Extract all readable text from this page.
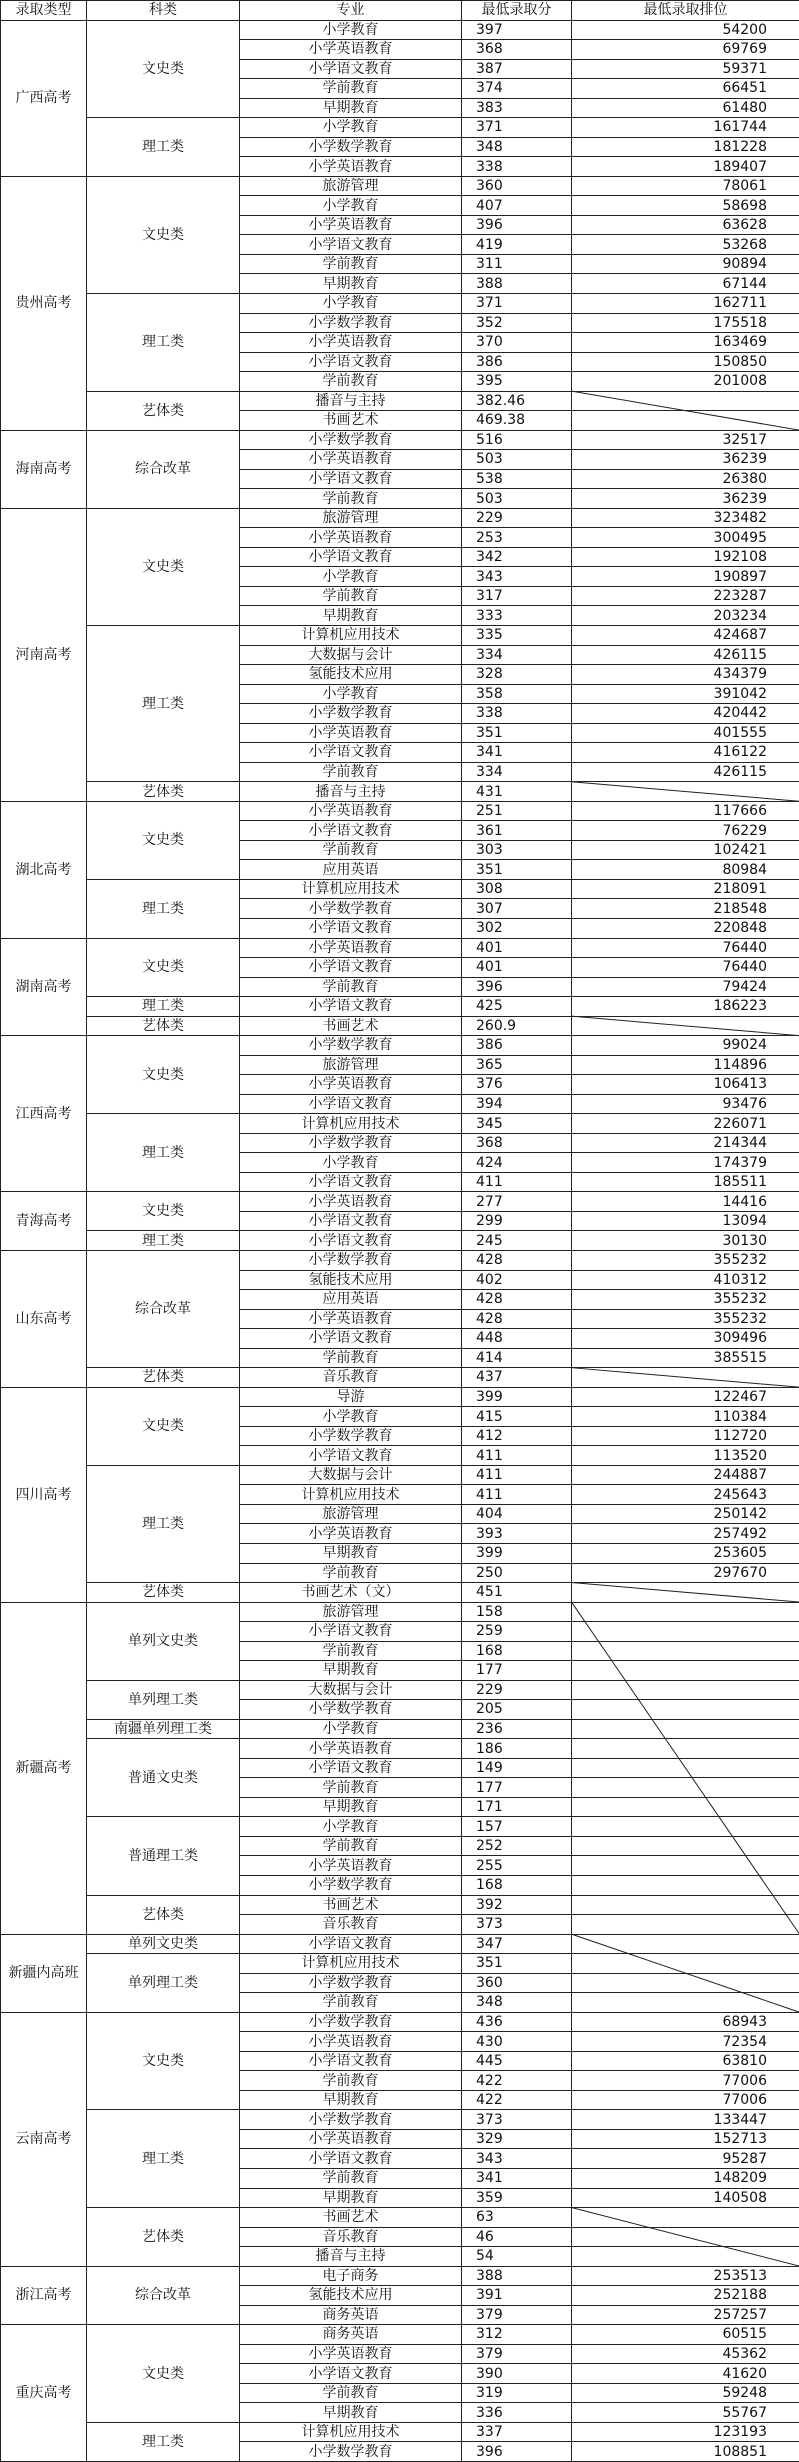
录取类型	科类	专业	最低录取分	最低录取排位
广西高考	文史类	小学教育	397	54200
		小学英语教育	368	69769
		小学语文教育	387	59371
		学前教育	374	66451
		早期教育	383	61480
	理工类	小学教育	371	161744
		小学数学教育	348	181228
		小学英语教育	338	189407
贵州高考	文史类	旅游管理	360	78061
		小学教育	407	58698
		小学英语教育	396	63628
		小学语文教育	419	53268
		学前教育	311	90894
		早期教育	388	67144
	理工类	小学教育	371	162711
		小学数学教育	352	175518
		小学英语教育	370	163469
		小学语文教育	386	150850
		学前教育	395	201008
	艺体类	播音与主持	382.46	
		书画艺术	469.38	
海南高考	综合改革	小学数学教育	516	32517
		小学英语教育	503	36239
		小学语文教育	538	26380
		学前教育	503	36239
河南高考	文史类	旅游管理	229	323482
		小学英语教育	253	300495
		小学语文教育	342	192108
		小学教育	343	190897
		学前教育	317	223287
		早期教育	333	203234
	理工类	计算机应用技术	335	424687
		大数据与会计	334	426115
		氢能技术应用	328	434379
		小学教育	358	391042
		小学数学教育	338	420442
		小学英语教育	351	401555
		小学语文教育	341	416122
		学前教育	334	426115
	艺体类	播音与主持	431	
湖北高考	文史类	小学英语教育	251	117666
		小学语文教育	361	76229
		学前教育	303	102421
		应用英语	351	80984
	理工类	计算机应用技术	308	218091
		小学数学教育	307	218548
		小学语文教育	302	220848
湖南高考	文史类	小学英语教育	401	76440
		小学语文教育	401	76440
		学前教育	396	79424
	理工类	小学语文教育	425	186223
	艺体类	书画艺术	260.9	
江西高考	文史类	小学数学教育	386	99024
		旅游管理	365	114896
		小学英语教育	376	106413
		小学语文教育	394	93476
	理工类	计算机应用技术	345	226071
		小学数学教育	368	214344
		小学教育	424	174379
		小学语文教育	411	185511
青海高考	文史类	小学英语教育	277	14416
		小学语文教育	299	13094
	理工类	小学语文教育	245	30130
山东高考	综合改革	小学数学教育	428	355232
		氢能技术应用	402	410312
		应用英语	428	355232
		小学英语教育	428	355232
		小学语文教育	448	309496
		学前教育	414	385515
	艺体类	音乐教育	437	
四川高考	文史类	导游	399	122467
		小学教育	415	110384
		小学数学教育	412	112720
		小学语文教育	411	113520
	理工类	大数据与会计	411	244887
		计算机应用技术	411	245643
		旅游管理	404	250142
		小学英语教育	393	257492
		早期教育	399	253605
		学前教育	250	297670
	艺体类	书画艺术（文）	451	
新疆高考	单列文史类	旅游管理	158	
		小学语文教育	259	
		学前教育	168	
		早期教育	177	
	单列理工类	大数据与会计	229	
		小学数学教育	205	
	南疆单列理工类	小学教育	236	
	普通文史类	小学英语教育	186	
		小学语文教育	149	
		学前教育	177	
		早期教育	171	
	普通理工类	小学教育	157	
		学前教育	252	
		小学英语教育	255	
		小学数学教育	168	
	艺体类	书画艺术	392	
		音乐教育	373	
新疆内高班	单列文史类	小学语文教育	347	
	单列理工类	计算机应用技术	351	
		小学数学教育	360	
		学前教育	348	
云南高考	文史类	小学数学教育	436	68943
		小学英语教育	430	72354
		小学语文教育	445	63810
		学前教育	422	77006
		早期教育	422	77006
	理工类	小学数学教育	373	133447
		小学英语教育	329	152713
		小学语文教育	343	95287
		学前教育	341	148209
		早期教育	359	140508
	艺体类	书画艺术	63	
		音乐教育	46	
		播音与主持	54	
浙江高考	综合改革	电子商务	388	253513
		氢能技术应用	391	252188
		商务英语	379	257257
重庆高考	文史类	商务英语	312	60515
		小学英语教育	379	45362
		小学语文教育	390	41620
		学前教育	319	59248
		早期教育	336	55767
	理工类	计算机应用技术	337	123193
		小学数学教育	396	108851
